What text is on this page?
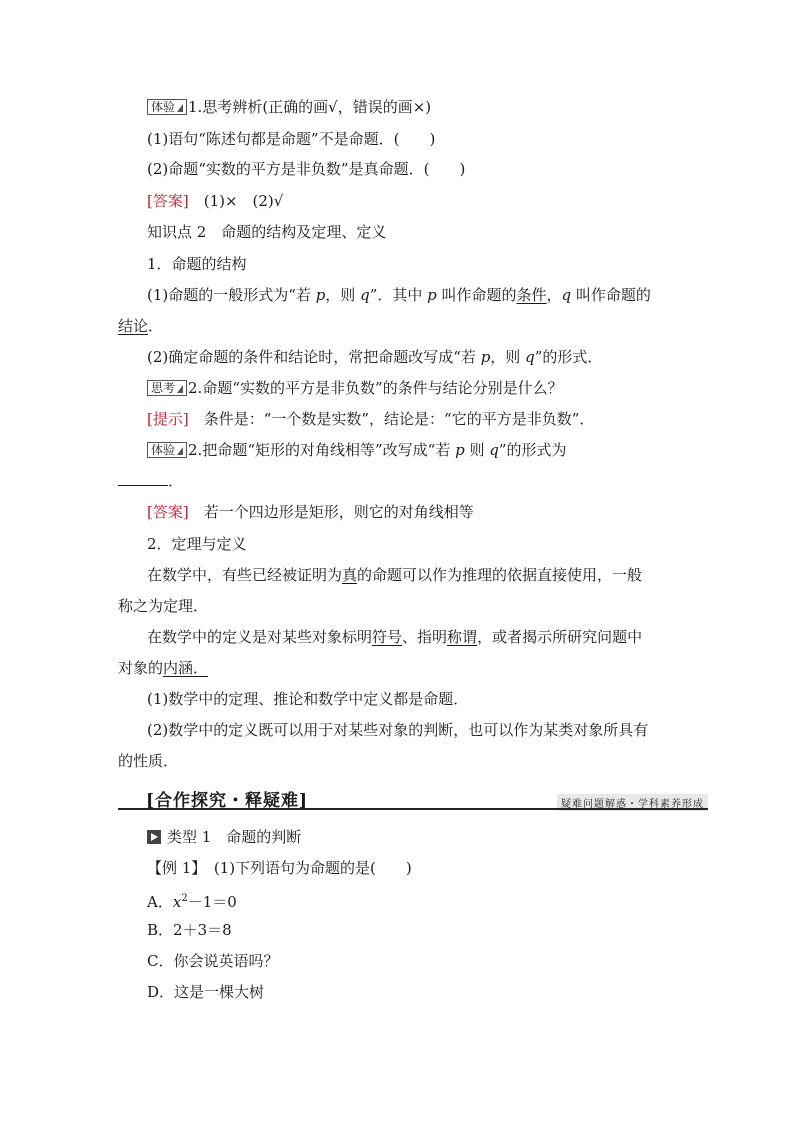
体验 1.思考辨析(正确的画√，错误的画×)
(1)语句“陈述句都是命题”不是命题．(　　)
(2)命题“实数的平方是非负数”是真命题．(　　)
[答案]　(1)×　(2)√
知识点 2　命题的结构及定理、定义
1．命题的结构
(1)命题的一般形式为“若 p，则 q”．其中 p 叫作命题的条件，q 叫作命题的
结论．
(2)确定命题的条件和结论时，常把命题改写成“若 p，则 q”的形式．
思考 2.命题“实数的平方是非负数”的条件与结论分别是什么？
[提示]　条件是：“一个数是实数”，结论是：“它的平方是非负数”．
体验 2.把命题“矩形的对角线相等”改写成“若 p 则 q”的形式为
．
[答案]　若一个四边形是矩形，则它的对角线相等
2．定理与定义
在数学中，有些已经被证明为真的命题可以作为推理的依据直接使用，一般
称之为定理．
在数学中的定义是对某些对象标明符号、指明称谓，或者揭示所研究问题中
对象的内涵．
(1)数学中的定理、推论和数学中定义都是命题．
(2)数学中的定义既可以用于对某些对象的判断，也可以作为某类对象所具有
的性质．
[合作探究・释疑难]	疑难问题解惑・学科素养形成
类型 1　命题的判断
【例 1】　(1)下列语句为命题的是(　　)
A．$x^2-1=0$
B．2＋3＝8
C．你会说英语吗？
D．这是一棵大树
